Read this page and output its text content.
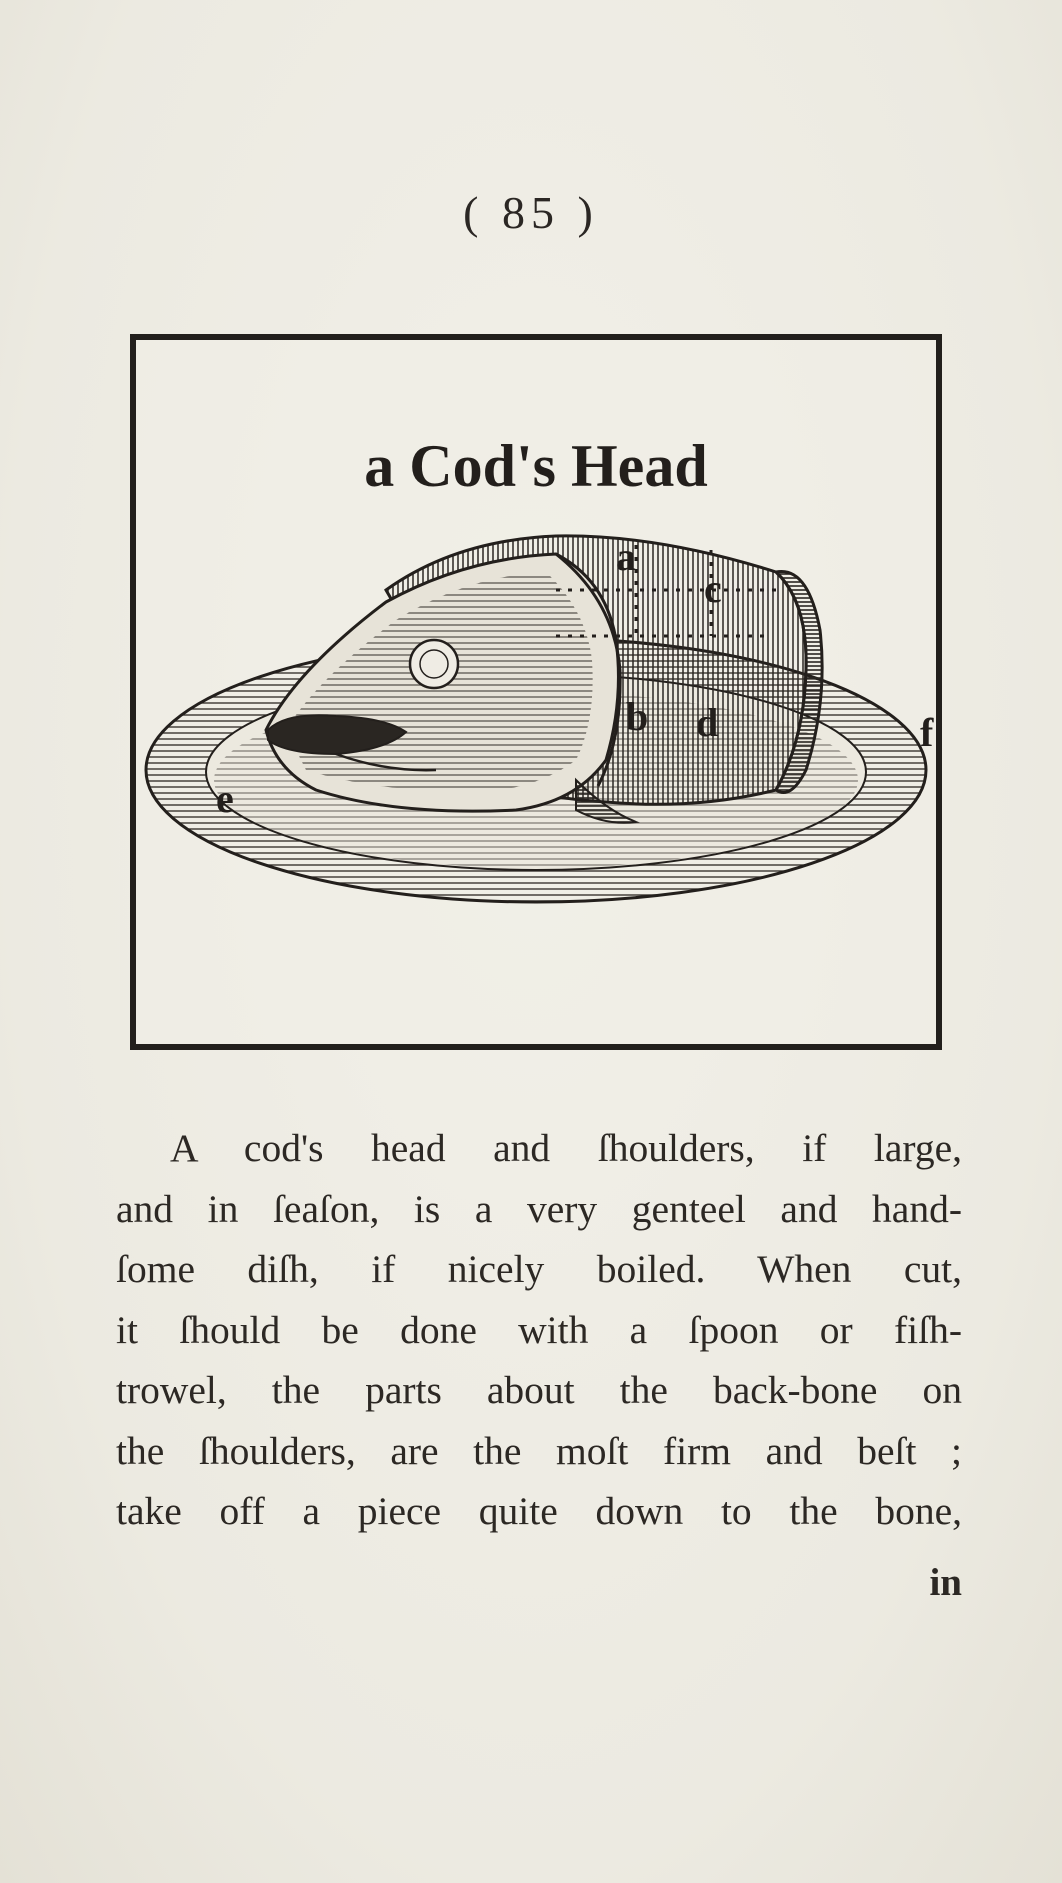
( 85 )
a
c
b d
e
f
a Cod's Head
A cod's head and ſhoulders, if large,
and in ſeaſon, is a very genteel and hand-
ſome diſh, if nicely boiled. When cut,
it ſhould be done with a ſpoon or fiſh-
trowel, the parts about the back-bone on
the ſhoulders, are the moſt firm and beſt ;
take off a piece quite down to the bone,
in
